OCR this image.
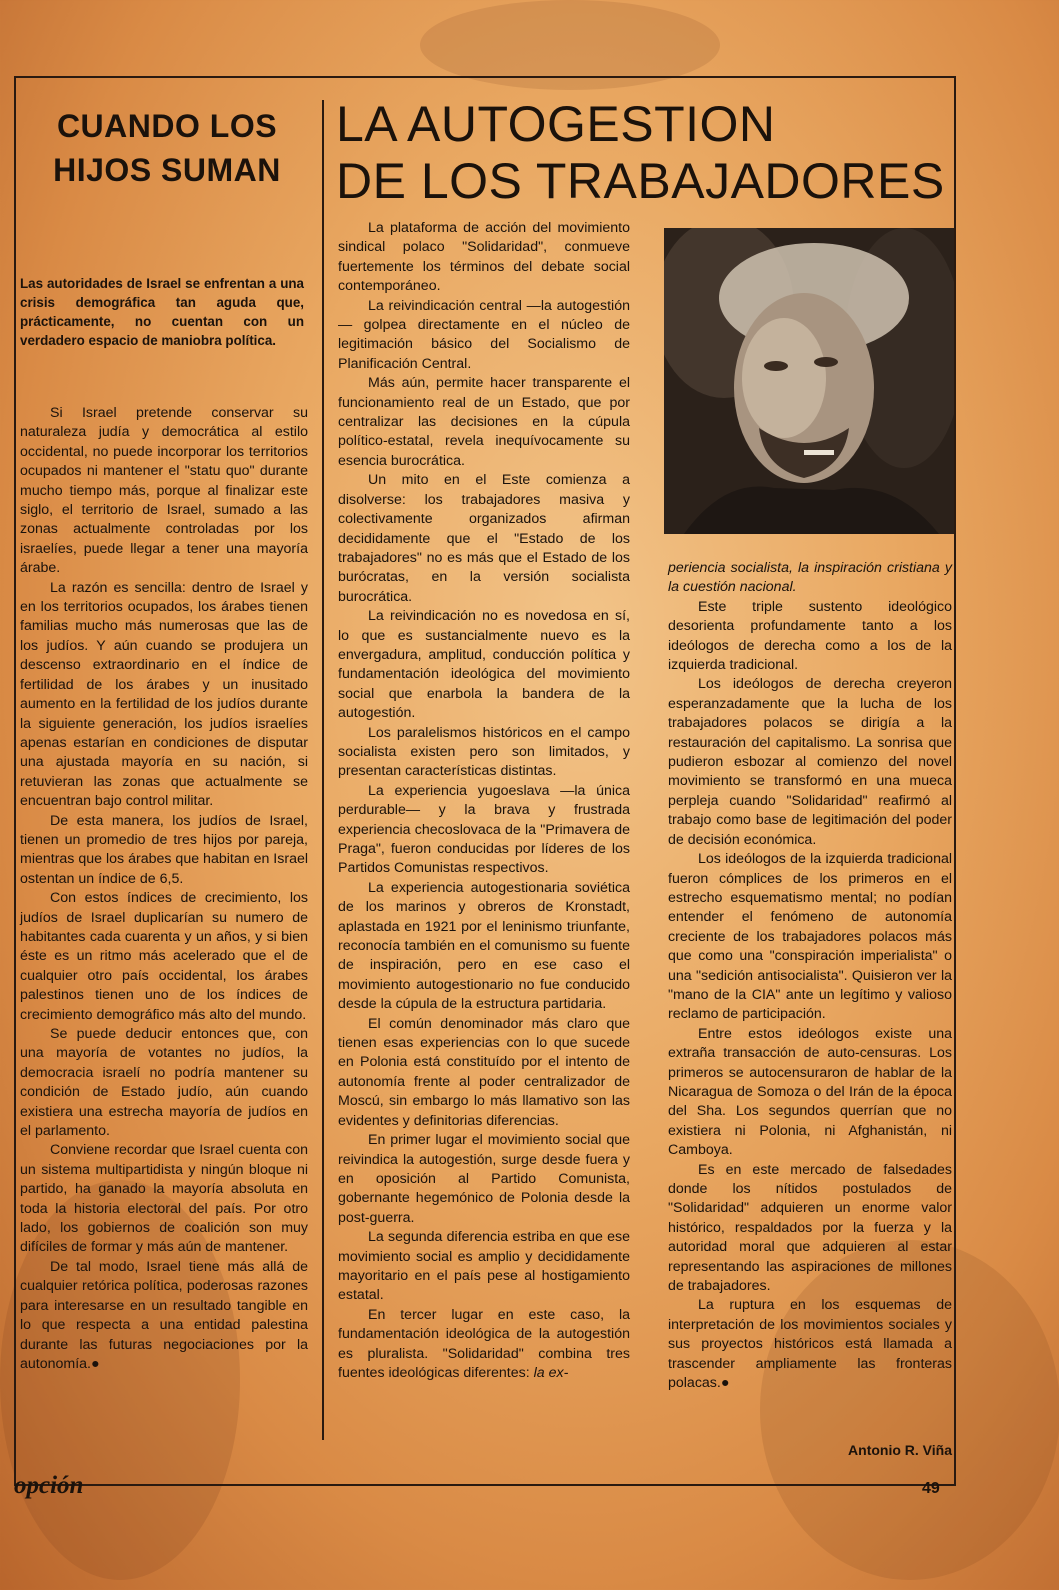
CUANDO LOS HIJOS SUMAN

Las autoridades de Israel se enfrentan a una crisis demográfica tan aguda que, prácticamente, no cuentan con un verdadero espacio de maniobra política.

Si Israel pretende conservar su naturaleza judía y democrática al estilo occidental, no puede incorporar los territorios ocupados ni mantener el "statu quo" durante mucho tiempo más, porque al finalizar este siglo, el territorio de Israel, sumado a las zonas actualmente controladas por los israelíes, puede llegar a tener una mayoría árabe.

La razón es sencilla: dentro de Israel y en los territorios ocupados, los árabes tienen familias mucho más numerosas que las de los judíos. Y aún cuando se produjera un descenso extraordinario en el índice de fertilidad de los árabes y un inusitado aumento en la fertilidad de los judíos durante la siguiente generación, los judíos israelíes apenas estarían en condiciones de disputar una ajustada mayoría en su nación, si retuvieran las zonas que actualmente se encuentran bajo control militar.

De esta manera, los judíos de Israel, tienen un promedio de tres hijos por pareja, mientras que los árabes que habitan en Israel ostentan un índice de 6,5.

Con estos índices de crecimiento, los judíos de Israel duplicarían su numero de habitantes cada cuarenta y un años, y si bien éste es un ritmo más acelerado que el de cualquier otro país occidental, los árabes palestinos tienen uno de los índices de crecimiento demográfico más alto del mundo.

Se puede deducir entonces que, con una mayoría de votantes no judíos, la democracia israelí no podría mantener su condición de Estado judío, aún cuando existiera una estrecha mayoría de judíos en el parlamento.

Conviene recordar que Israel cuenta con un sistema multipartidista y ningún bloque ni partido, ha ganado la mayoría absoluta en toda la historia electoral del país. Por otro lado, los gobiernos de coalición son muy difíciles de formar y más aún de mantener.

De tal modo, Israel tiene más allá de cualquier retórica política, poderosas razones para interesarse en un resultado tangible en lo que respecta a una entidad palestina durante las futuras negociaciones por la autonomía.●

LA AUTOGESTION
DE LOS TRABAJADORES

La plataforma de acción del movimiento sindical polaco "Solidaridad", conmueve fuertemente los términos del debate social contemporáneo.

La reivindicación central —la autogestión— golpea directamente en el núcleo de legitimación básico del Socialismo de Planificación Central.

Más aún, permite hacer transparente el funcionamiento real de un Estado, que por centralizar las decisiones en la cúpula político-estatal, revela inequívocamente su esencia burocrática.

Un mito en el Este comienza a disolverse: los trabajadores masiva y colectivamente organizados afirman decididamente que el "Estado de los trabajadores" no es más que el Estado de los burócratas, en la versión socialista burocrática.

La reivindicación no es novedosa en sí, lo que es sustancialmente nuevo es la envergadura, amplitud, conducción política y fundamentación ideológica del movimiento social que enarbola la bandera de la autogestión.

Los paralelismos históricos en el campo socialista existen pero son limitados, y presentan características distintas.

La experiencia yugoeslava —la única perdurable— y la brava y frustrada experiencia checoslovaca de la "Primavera de Praga", fueron conducidas por líderes de los Partidos Comunistas respectivos.

La experiencia autogestionaria soviética de los marinos y obreros de Kronstadt, aplastada en 1921 por el leninismo triunfante, reconocía también en el comunismo su fuente de inspiración, pero en ese caso el movimiento autogestionario no fue conducido desde la cúpula de la estructura partidaria.

El común denominador más claro que tienen esas experiencias con lo que sucede en Polonia está constituído por el intento de autonomía frente al poder centralizador de Moscú, sin embargo lo más llamativo son las evidentes y definitorias diferencias.

En primer lugar el movimiento social que reivindica la autogestión, surge desde fuera y en oposición al Partido Comunista, gobernante hegemónico de Polonia desde la post-guerra.

La segunda diferencia estriba en que ese movimiento social es amplio y decididamente mayoritario en el país pese al hostigamiento estatal.

En tercer lugar en este caso, la fundamentación ideológica de la autogestión es pluralista. "Solidaridad" combina tres fuentes ideológicas diferentes: la ex-

periencia socialista, la inspiración cristiana y la cuestión nacional.

Este triple sustento ideológico desorienta profundamente tanto a los ideólogos de derecha como a los de la izquierda tradicional.

Los ideólogos de derecha creyeron esperanzadamente que la lucha de los trabajadores polacos se dirigía a la restauración del capitalismo. La sonrisa que pudieron esbozar al comienzo del novel movimiento se transformó en una mueca perpleja cuando "Solidaridad" reafirmó al trabajo como base de legitimación del poder de decisión económica.

Los ideólogos de la izquierda tradicional fueron cómplices de los primeros en el estrecho esquematismo mental; no podían entender el fenómeno de autonomía creciente de los trabajadores polacos más que como una "conspiración imperialista" o una "sedición antisocialista". Quisieron ver la "mano de la CIA" ante un legítimo y valioso reclamo de participación.

Entre estos ideólogos existe una extraña transacción de auto-censuras. Los primeros se autocensuraron de hablar de la Nicaragua de Somoza o del Irán de la época del Sha. Los segundos querrían que no existiera ni Polonia, ni Afghanistán, ni Camboya.

Es en este mercado de falsedades donde los nítidos postulados de "Solidaridad" adquieren un enorme valor histórico, respaldados por la fuerza y la autoridad moral que adquieren al estar representando las aspiraciones de millones de trabajadores.

La ruptura en los esquemas de interpretación de los movimientos sociales y sus proyectos históricos está llamada a trascender ampliamente las fronteras polacas.●

Antonio R. Viña
opción	49
